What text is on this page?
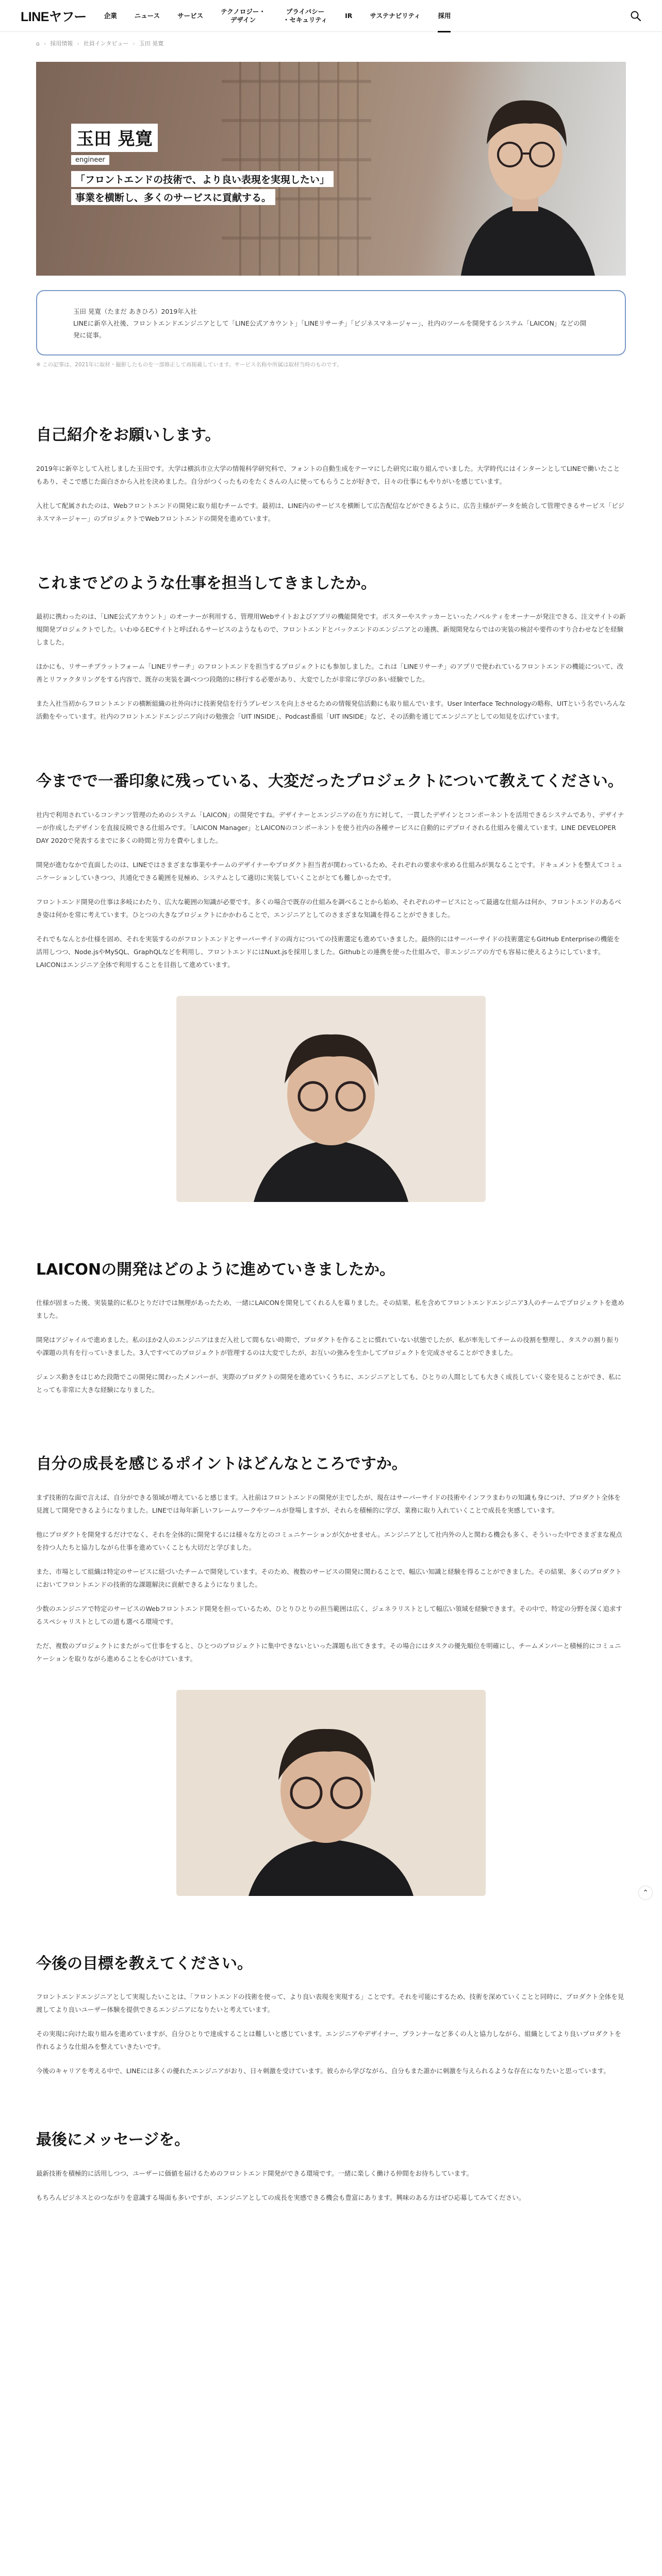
LINEヤフー	企業	ニュース	サービス
テクノロジー・
デザイン
プライバシー
・セキュリティ
IR	サステナビリティ	採用
⌂ › 採用情報 › 社員インタビュー › 玉田 晃寛
玉田 晃寛
engineer
「フロントエンドの技術で、より良い表現を実現したい」
事業を横断し、多くのサービスに貢献する。
玉田 晃寛（たまだ あきひろ）2019年入社
LINEに新卒入社後、フロントエンドエンジニアとして「LINE公式アカウント」「LINEリサーチ」「ビジネスマネージャー」、社内のツールを開発するシステム「LAICON」などの開発に従事。
※ この記事は、2021年に取材・撮影したものを一部修正して再掲載しています。サービス名称や所属は取材当時のものです。
自己紹介をお願いします。

2019年に新卒として入社しました玉田です。大学は横浜市立大学の情報科学研究科で、フォントの自動生成をテーマにした研究に取り組んでいました。大学時代にはインターンとしてLINEで働いたこともあり、そこで感じた面白さから入社を決めました。自分がつくったものをたくさんの人に使ってもらうことが好きで、日々の仕事にもやりがいを感じています。

入社して配属されたのは、Webフロントエンドの開発に取り組むチームです。最初は、LINE内のサービスを横断して広告配信などができるように、広告主様がデータを統合して管理できるサービス「ビジネスマネージャー」のプロジェクトでWebフロントエンドの開発を進めています。

これまでどのような仕事を担当してきましたか。

最初に携わったのは、「LINE公式アカウント」のオーナーが利用する、管理用Webサイトおよびアプリの機能開発です。ポスターやステッカーといったノベルティをオーナーが発注できる、注文サイトの新規開発プロジェクトでした。いわゆるECサイトと呼ばれるサービスのようなもので、フロントエンドとバックエンドのエンジニアとの連携、新規開発ならではの実装の検討や要件のすり合わせなどを経験しました。

ほかにも、リサーチプラットフォーム「LINEリサーチ」のフロントエンドを担当するプロジェクトにも参加しました。これは「LINEリサーチ」のアプリで使われているフロントエンドの機能について、改善とリファクタリングをする内容で、既存の実装を調べつつ段階的に移行する必要があり、大変でしたが非常に学びの多い経験でした。

また入社当初からフロントエンドの横断組織の社外向けに技術発信を行うプレゼンスを向上させるための情報発信活動にも取り組んでいます。User Interface Technologyの略称、UITという名でいろんな活動をやっています。社内のフロントエンドエンジニア向けの勉強会「UIT INSIDE」、Podcast番組「UIT INSIDE」など、その活動を通じてエンジニアとしての知見を広げています。

今までで一番印象に残っている、大変だったプロジェクトについて教えてください。

社内で利用されているコンテンツ管理のためのシステム「LAICON」の開発ですね。デザイナーとエンジニアの在り方に対して、一貫したデザインとコンポーネントを活用できるシステムであり、デザイナーが作成したデザインを直接反映できる仕組みです。「LAICON Manager」とLAICONのコンポーネントを使う社内の各種サービスに自動的にデプロイされる仕組みを備えています。LINE DEVELOPER DAY 2020で発表するまでに多くの時間と労力を費やしました。

開発が進むなかで直面したのは、LINEではさまざまな事業やチームのデザイナーやプロダクト担当者が関わっているため、それぞれの要求や求める仕組みが異なることです。ドキュメントを整えてコミュニケーションしていきつつ、共通化できる範囲を見極め、システムとして適切に実装していくことがとても難しかったです。

フロントエンド開発の仕事は多岐にわたり、広大な範囲の知識が必要です。多くの場合で既存の仕組みを調べることから始め、それぞれのサービスにとって最適な仕組みは何か、フロントエンドのあるべき姿は何かを常に考えています。ひとつの大きなプロジェクトにかかわることで、エンジニアとしてのさまざまな知識を得ることができました。

それでもなんとか仕様を固め、それを実装するのがフロントエンドとサーバーサイドの両方についての技術選定も進めていきました。最終的にはサーバーサイドの技術選定もGitHub Enterpriseの機能を活用しつつ、Node.jsやMySQL、GraphQLなどを利用し、フロントエンドにはNuxt.jsを採用しました。Githubとの連携を使った仕組みで、非エンジニアの方でも容易に使えるようにしています。LAICONはエンジニア全体で利用することを目指して進めています。

LAICONの開発はどのように進めていきましたか。

仕様が固まった後、実装量的に私ひとりだけでは無理があったため、一緒にLAICONを開発してくれる人を募りました。その結果、私を含めてフロントエンドエンジニア3人のチームでプロジェクトを進めました。

開発はアジャイルで進めました。私のほか2人のエンジニアはまだ入社して間もない時期で、プロダクトを作ることに慣れていない状態でしたが、私が率先してチームの役割を整理し、タスクの割り振りや課題の共有を行っていきました。3人ですべてのプロジェクトが管理するのは大変でしたが、お互いの強みを生かしてプロジェクトを完成させることができました。

ジェンス動きをはじめた段階でこの開発に関わったメンバーが、実際のプロダクトの開発を進めていくうちに、エンジニアとしても、ひとりの人間としても大きく成長していく姿を見ることができ、私にとっても非常に大きな経験になりました。

自分の成長を感じるポイントはどんなところですか。

まず技術的な面で言えば、自分ができる領域が増えていると感じます。入社前はフロントエンドの開発が主でしたが、現在はサーバーサイドの技術やインフラまわりの知識も身につけ、プロダクト全体を見渡して開発できるようになりました。LINEでは毎年新しいフレームワークやツールが登場しますが、それらを積極的に学び、業務に取り入れていくことで成長を実感しています。

他にプロダクトを開発するだけでなく、それを全体的に開発するには様々な方とのコミュニケーションが欠かせません。エンジニアとして社内外の人と関わる機会も多く、そういった中でさまざまな視点を持つ人たちと協力しながら仕事を進めていくことも大切だと学びました。

また、市場として組織は特定のサービスに紐づいたチームで開発しています。そのため、複数のサービスの開発に関わることで、幅広い知識と経験を得ることができました。その結果、多くのプロダクトにおいてフロントエンドの技術的な課題解決に貢献できるようになりました。

少数のエンジニアで特定のサービスのWebフロントエンド開発を担っているため、ひとりひとりの担当範囲は広く、ジェネラリストとして幅広い領域を経験できます。その中で、特定の分野を深く追求するスペシャリストとしての道も選べる環境です。

ただ、複数のプロジェクトにまたがって仕事をすると、ひとつのプロジェクトに集中できないといった課題も出てきます。その場合にはタスクの優先順位を明確にし、チームメンバーと積極的にコミュニケーションを取りながら進めることを心がけています。

今後の目標を教えてください。

フロントエンドエンジニアとして実現したいことは、「フロントエンドの技術を使って、より良い表現を実現する」ことです。それを可能にするため、技術を深めていくことと同時に、プロダクト全体を見渡してより良いユーザー体験を提供できるエンジニアになりたいと考えています。

その実現に向けた取り組みを進めていますが、自分ひとりで達成することは難しいと感じています。エンジニアやデザイナー、プランナーなど多くの人と協力しながら、組織としてより良いプロダクトを作れるような仕組みを整えていきたいです。

今後のキャリアを考える中で、LINEには多くの優れたエンジニアがおり、日々刺激を受けています。彼らから学びながら、自分もまた誰かに刺激を与えられるような存在になりたいと思っています。

最後にメッセージを。

最新技術を積極的に活用しつつ、ユーザーに価値を届けるためのフロントエンド開発ができる環境です。一緒に楽しく働ける仲間をお待ちしています。

もちろんビジネスとのつながりを意識する場面も多いですが、エンジニアとしての成長を実感できる機会も豊富にあります。興味のある方はぜひ応募してみてください。

⌃
